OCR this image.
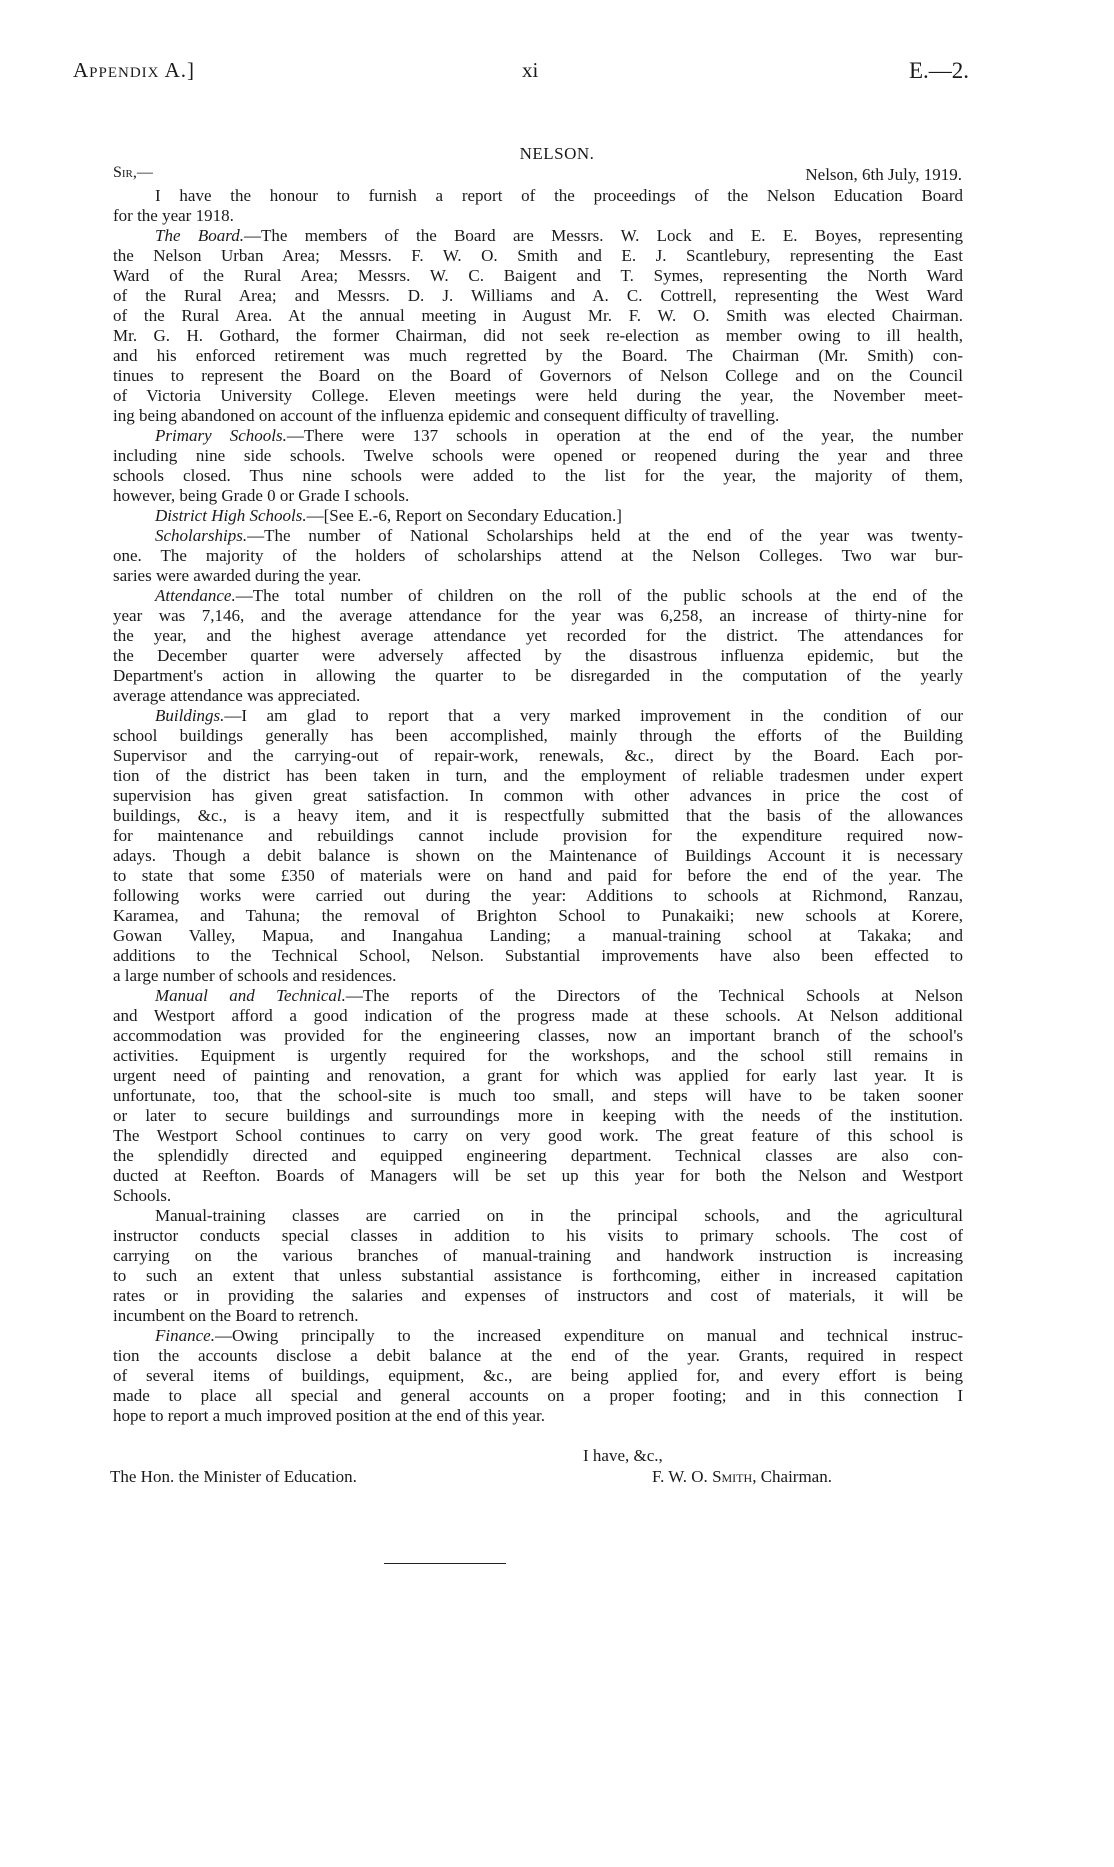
Appendix A.]	xi	E.—2.
NELSON.
Sir,—	Nelson, 6th July, 1919.
I have the honour to furnish a report of the proceedings of the Nelson Education Board
for the year 1918.
The Board.—The members of the Board are Messrs. W. Lock and E. E. Boyes, representing
the Nelson Urban Area; Messrs. F. W. O. Smith and E. J. Scantlebury, representing the East
Ward of the Rural Area; Messrs. W. C. Baigent and T. Symes, representing the North Ward
of the Rural Area; and Messrs. D. J. Williams and A. C. Cottrell, representing the West Ward
of the Rural Area. At the annual meeting in August Mr. F. W. O. Smith was elected Chairman.
Mr. G. H. Gothard, the former Chairman, did not seek re-election as member owing to ill health,
and his enforced retirement was much regretted by the Board. The Chairman (Mr. Smith) con-
tinues to represent the Board on the Board of Governors of Nelson College and on the Council
of Victoria University College. Eleven meetings were held during the year, the November meet-
ing being abandoned on account of the influenza epidemic and consequent difficulty of travelling.
Primary Schools.—There were 137 schools in operation at the end of the year, the number
including nine side schools. Twelve schools were opened or reopened during the year and three
schools closed. Thus nine schools were added to the list for the year, the majority of them,
however, being Grade 0 or Grade I schools.
District High Schools.—[See E.-6, Report on Secondary Education.]
Scholarships.—The number of National Scholarships held at the end of the year was twenty-
one. The majority of the holders of scholarships attend at the Nelson Colleges. Two war bur-
saries were awarded during the year.
Attendance.—The total number of children on the roll of the public schools at the end of the
year was 7,146, and the average attendance for the year was 6,258, an increase of thirty-nine for
the year, and the highest average attendance yet recorded for the district. The attendances for
the December quarter were adversely affected by the disastrous influenza epidemic, but the
Department's action in allowing the quarter to be disregarded in the computation of the yearly
average attendance was appreciated.
Buildings.—I am glad to report that a very marked improvement in the condition of our
school buildings generally has been accomplished, mainly through the efforts of the Building
Supervisor and the carrying-out of repair-work, renewals, &c., direct by the Board. Each por-
tion of the district has been taken in turn, and the employment of reliable tradesmen under expert
supervision has given great satisfaction. In common with other advances in price the cost of
buildings, &c., is a heavy item, and it is respectfully submitted that the basis of the allowances
for maintenance and rebuildings cannot include provision for the expenditure required now-
adays. Though a debit balance is shown on the Maintenance of Buildings Account it is necessary
to state that some £350 of materials were on hand and paid for before the end of the year. The
following works were carried out during the year: Additions to schools at Richmond, Ranzau,
Karamea, and Tahuna; the removal of Brighton School to Punakaiki; new schools at Korere,
Gowan Valley, Mapua, and Inangahua Landing; a manual-training school at Takaka; and
additions to the Technical School, Nelson. Substantial improvements have also been effected to
a large number of schools and residences.
Manual and Technical.—The reports of the Directors of the Technical Schools at Nelson
and Westport afford a good indication of the progress made at these schools. At Nelson additional
accommodation was provided for the engineering classes, now an important branch of the school's
activities. Equipment is urgently required for the workshops, and the school still remains in
urgent need of painting and renovation, a grant for which was applied for early last year. It is
unfortunate, too, that the school-site is much too small, and steps will have to be taken sooner
or later to secure buildings and surroundings more in keeping with the needs of the institution.
The Westport School continues to carry on very good work. The great feature of this school is
the splendidly directed and equipped engineering department. Technical classes are also con-
ducted at Reefton. Boards of Managers will be set up this year for both the Nelson and Westport
Schools.
Manual-training classes are carried on in the principal schools, and the agricultural
instructor conducts special classes in addition to his visits to primary schools. The cost of
carrying on the various branches of manual-training and handwork instruction is increasing
to such an extent that unless substantial assistance is forthcoming, either in increased capitation
rates or in providing the salaries and expenses of instructors and cost of materials, it will be
incumbent on the Board to retrench.
Finance.—Owing principally to the increased expenditure on manual and technical instruc-
tion the accounts disclose a debit balance at the end of the year. Grants, required in respect
of several items of buildings, equipment, &c., are being applied for, and every effort is being
made to place all special and general accounts on a proper footing; and in this connection I
hope to report a much improved position at the end of this year.
I have, &c.,
The Hon. the Minister of Education.	F. W. O. Smith, Chairman.
